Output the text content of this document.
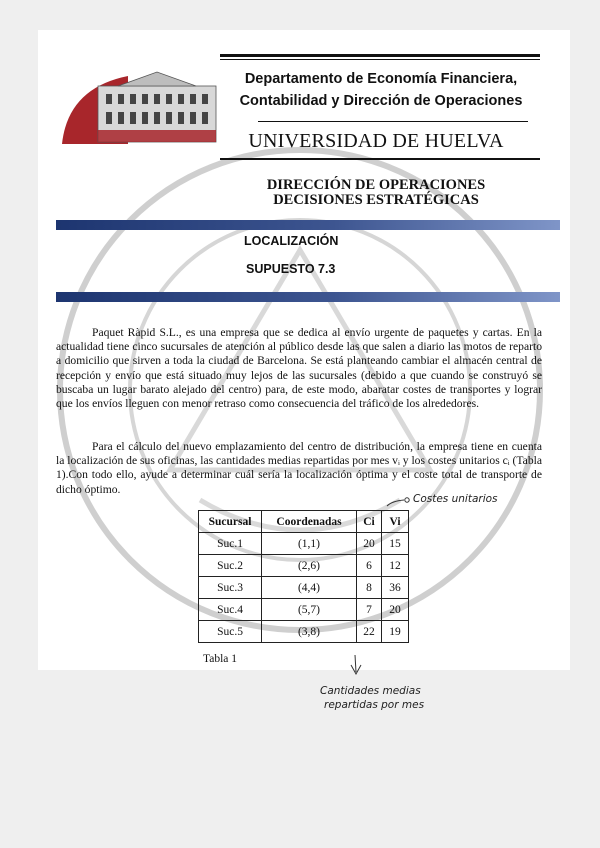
Departamento de Economía Financiera,
Contabilidad y Dirección de Operaciones
UNIVERSIDAD DE HUELVA
DIRECCIÓN DE OPERACIONES
DECISIONES ESTRATÉGICAS
LOCALIZACIÓN
SUPUESTO 7.3

Paquet Ràpid S.L., es una empresa que se dedica al envío urgente de paquetes y cartas. En la actualidad tiene cinco sucursales de atención al público desde las que salen a diario las motos de reparto a domicilio que sirven a toda la ciudad de Barcelona. Se está planteando cambiar el almacén central de recepción y envío que está situado muy lejos de las sucursales (debido a que cuando se construyó se buscaba un lugar barato alejado del centro) para, de este modo, abaratar costes de transportes y lograr que los envíos lleguen con menor retraso como consecuencia del tráfico de los alrededores.

Para el cálculo del nuevo emplazamiento del centro de distribución, la empresa tiene en cuenta la localización de sus oficinas, las cantidades medias repartidas por mes vᵢ y los costes unitarios cᵢ (Tabla 1).Con todo ello, ayude a determinar cuál sería la localización óptima y el coste total de transporte de dicho óptimo.

Sucursal	Coordenadas	Ci	Vi
Suc.1	(1,1)	20	15
Suc.2	(2,6)	6	12
Suc.3	(4,4)	8	36
Suc.4	(5,7)	7	20
Suc.5	(3,8)	22	19
Tabla 1
Costes unitarios
Cantidades medias
repartidas por mes
